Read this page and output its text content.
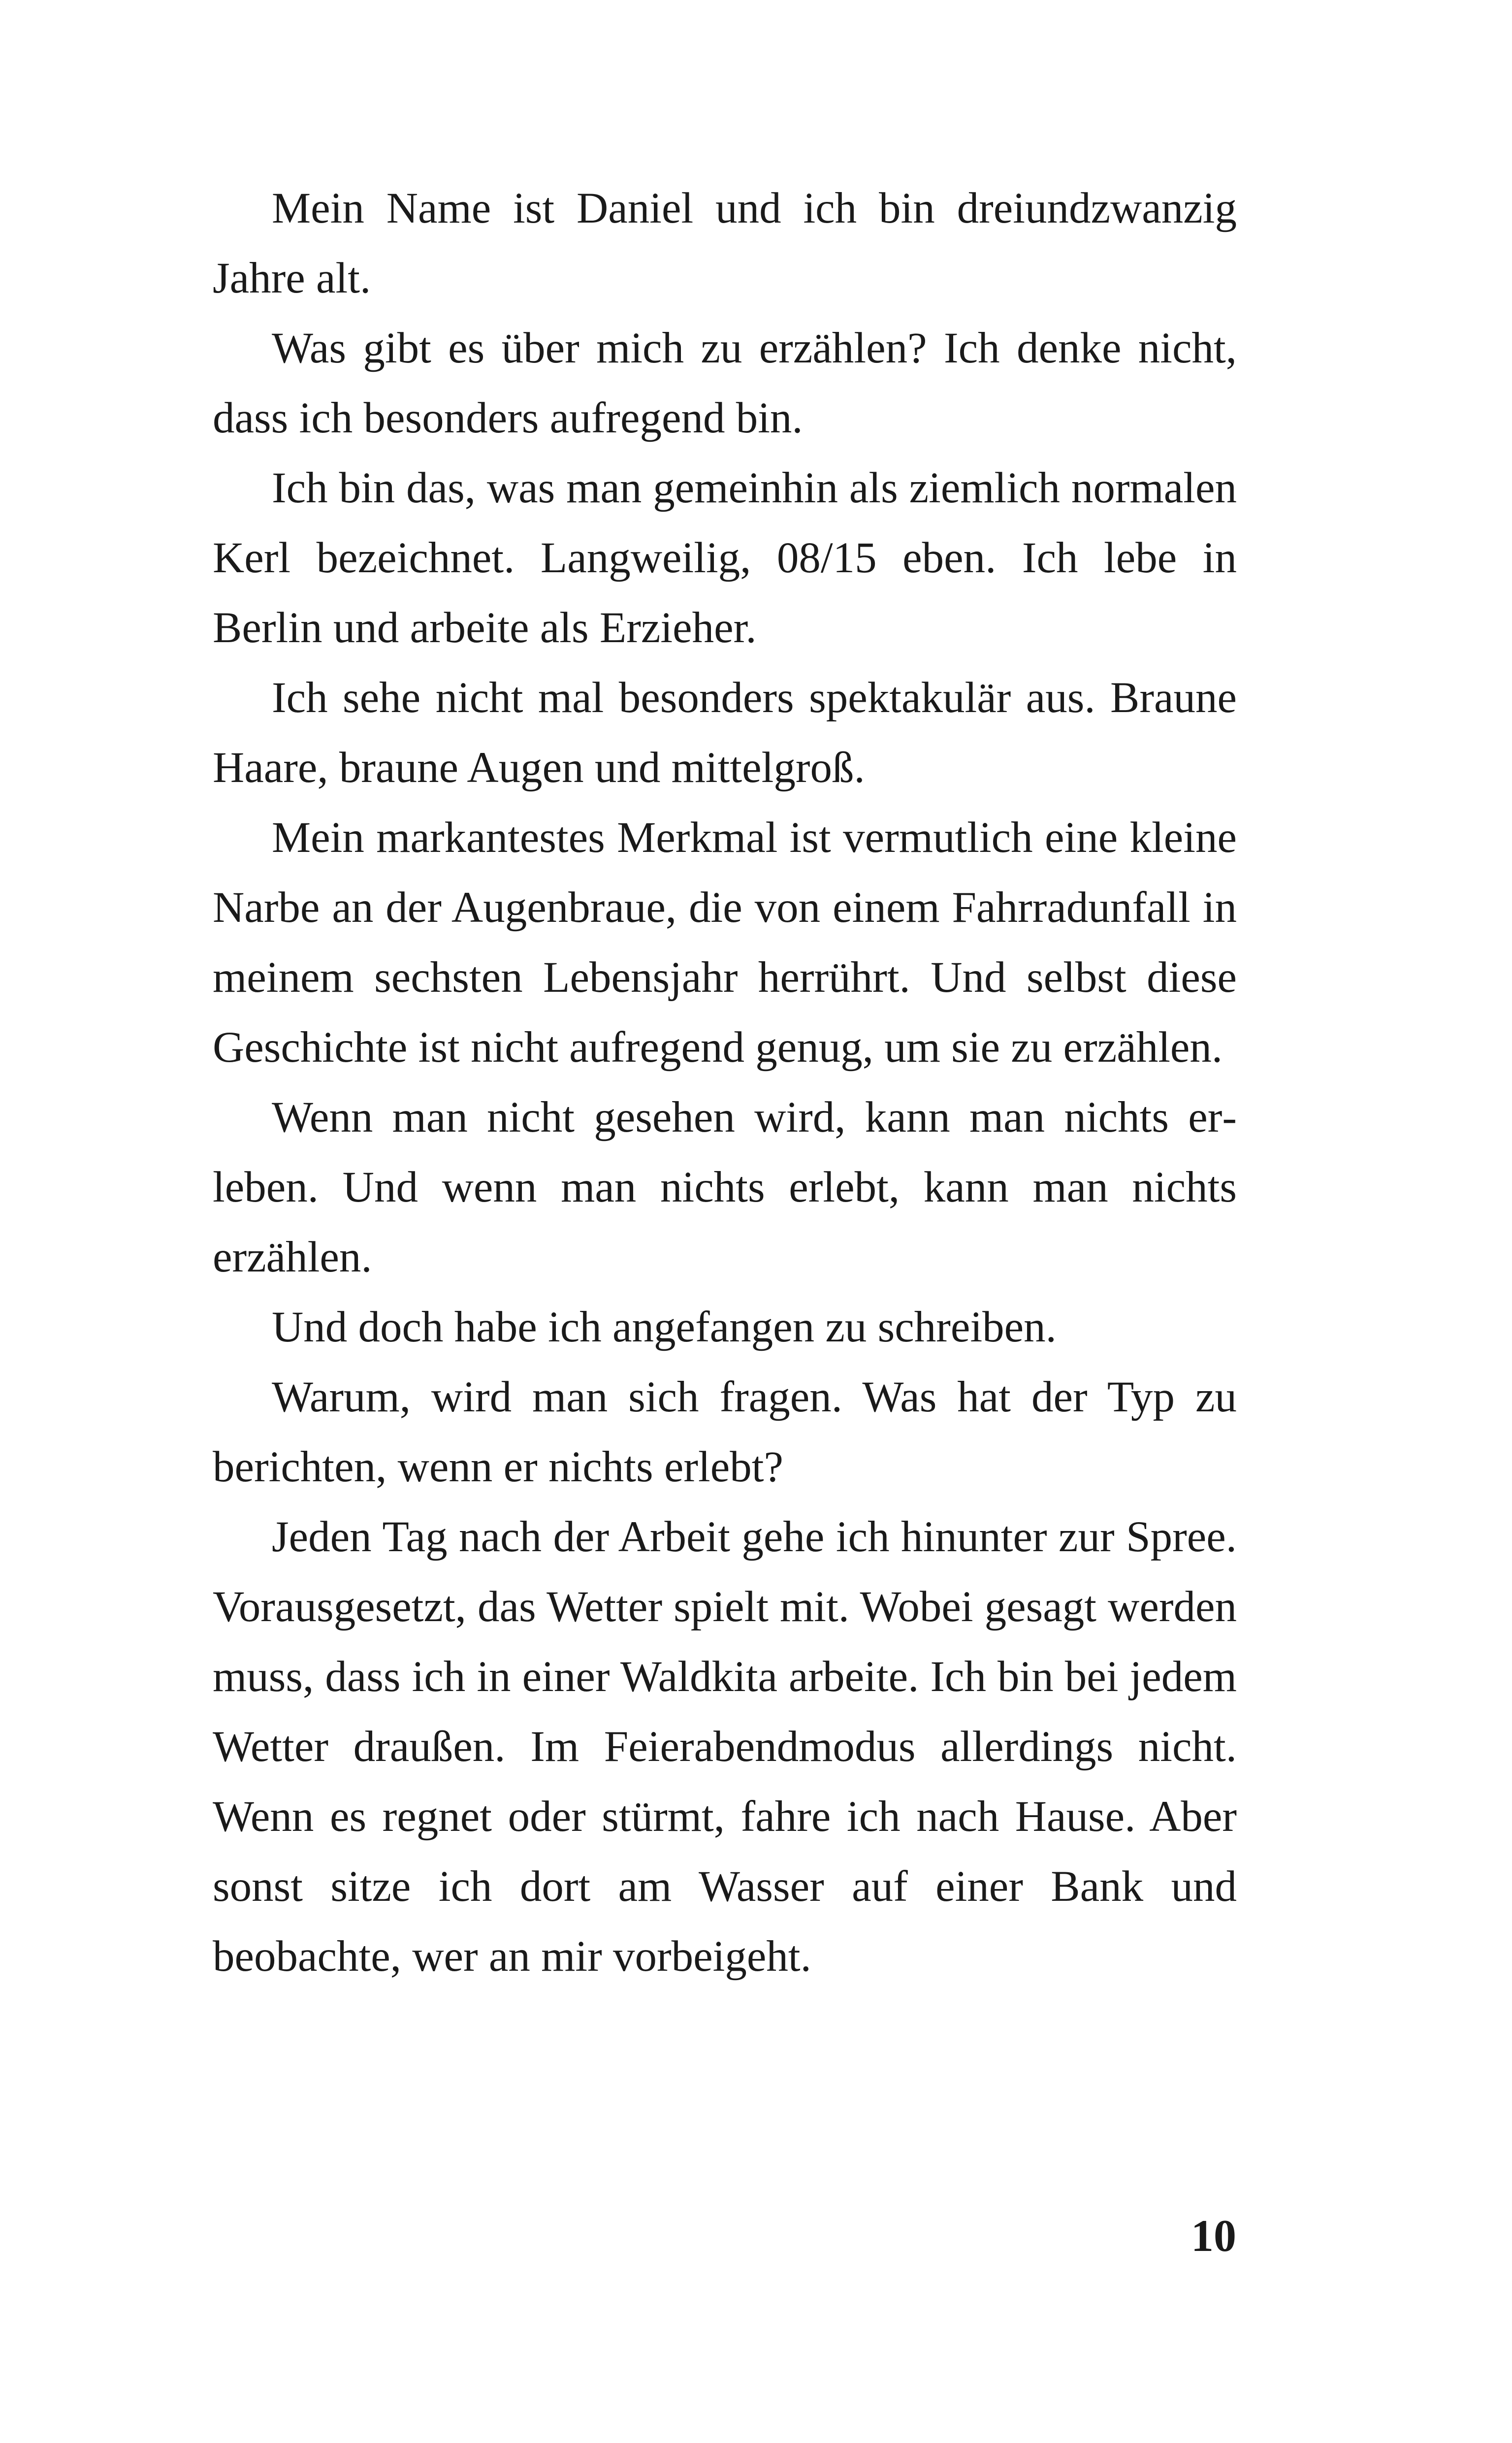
Mein Name ist Daniel und ich bin dreiundzwanzig Jahre alt.

Was gibt es über mich zu erzählen? Ich denke nicht, dass ich besonders aufregend bin.

Ich bin das, was man gemeinhin als ziemlich normalen Kerl bezeichnet. Langweilig, 08/15 eben. Ich lebe in Berlin und arbeite als Erzieher.

Ich sehe nicht mal besonders spektakulär aus. Braune Haare, braune Augen und mittelgroß.

Mein markantestes Merkmal ist vermutlich eine kleine Narbe an der Augenbraue, die von einem Fahrradunfall in meinem sechsten Lebensjahr herrührt. Und selbst diese Geschichte ist nicht aufregend genug, um sie zu erzählen.

Wenn man nicht gesehen wird, kann man nichts erleben. Und wenn man nichts erlebt, kann man nichts erzählen.

Und doch habe ich angefangen zu schreiben.

Warum, wird man sich fragen. Was hat der Typ zu berichten, wenn er nichts erlebt?

Jeden Tag nach der Arbeit gehe ich hinunter zur Spree. Vorausgesetzt, das Wetter spielt mit. Wobei gesagt werden muss, dass ich in einer Waldkita arbeite. Ich bin bei jedem Wetter draußen. Im Feierabendmodus allerdings nicht. Wenn es regnet oder stürmt, fahre ich nach Hause. Aber sonst sitze ich dort am Wasser auf einer Bank und beobachte, wer an mir vorbeigeht.

10
